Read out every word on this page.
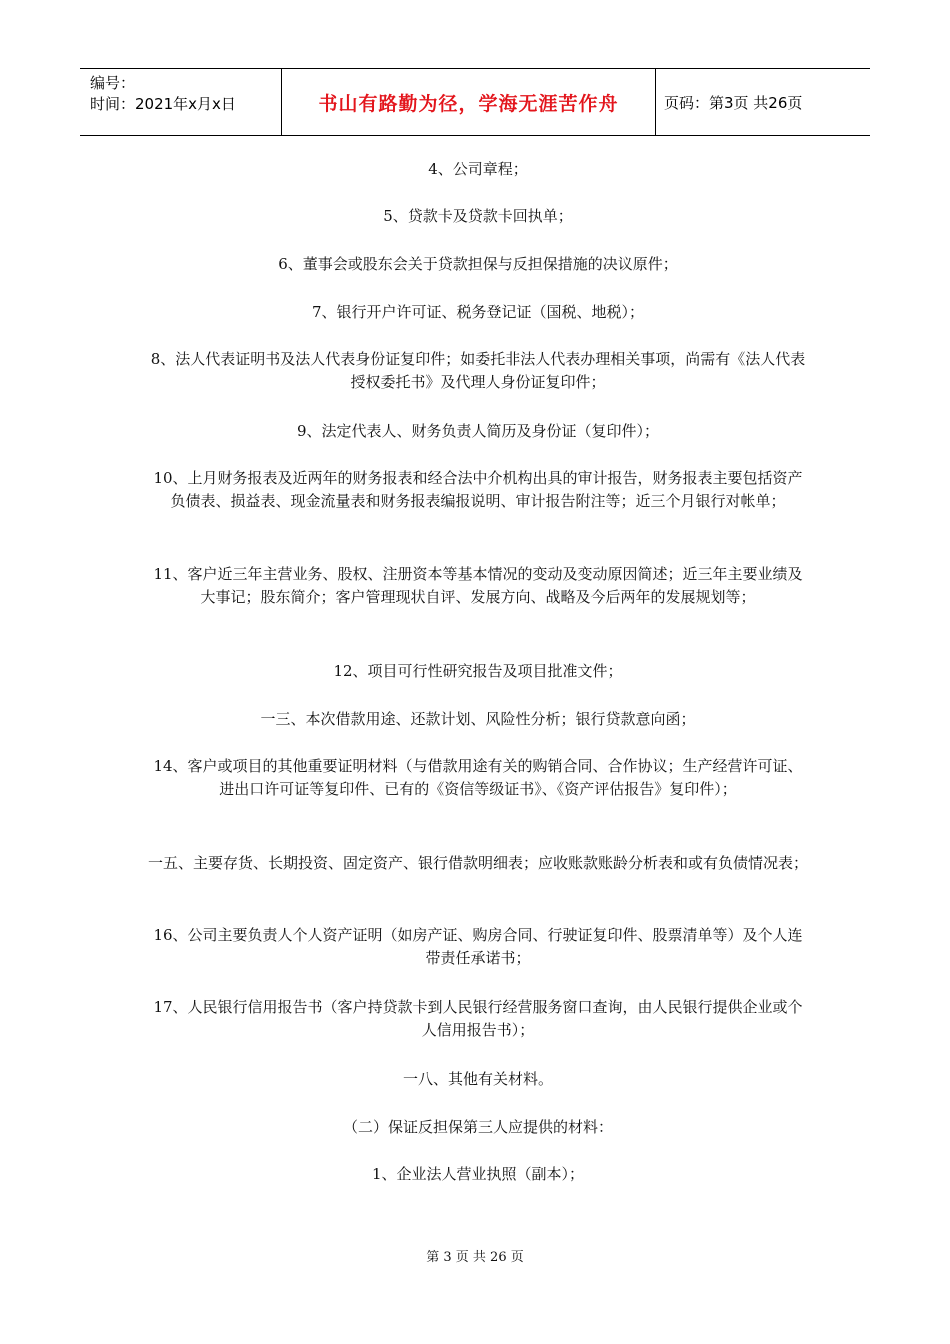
编号：
时间：2021年x月x日	书山有路勤为径，学海无涯苦作舟	页码：第3页 共26页

4、公司章程；

5、贷款卡及贷款卡回执单；

6、董事会或股东会关于贷款担保与反担保措施的决议原件；

7、银行开户许可证、税务登记证（国税、地税）；

8、法人代表证明书及法人代表身份证复印件；如委托非法人代表办理相关事项，尚需有《法人代表授权委托书》及代理人身份证复印件；

9、法定代表人、财务负责人简历及身份证（复印件）；

10、上月财务报表及近两年的财务报表和经合法中介机构出具的审计报告，财务报表主要包括资产负债表、损益表、现金流量表和财务报表编报说明、审计报告附注等；近三个月银行对帐单；

11、客户近三年主营业务、股权、注册资本等基本情况的变动及变动原因简述；近三年主要业绩及大事记；股东简介；客户管理现状自评、发展方向、战略及今后两年的发展规划等；

12、项目可行性研究报告及项目批准文件；

一三、本次借款用途、还款计划、风险性分析；银行贷款意向函；

14、客户或项目的其他重要证明材料（与借款用途有关的购销合同、合作协议；生产经营许可证、进出口许可证等复印件、已有的《资信等级证书》、《资产评估报告》复印件）；

一五、主要存货、长期投资、固定资产、银行借款明细表；应收账款账龄分析表和或有负债情况表；

16、公司主要负责人个人资产证明（如房产证、购房合同、行驶证复印件、股票清单等）及个人连带责任承诺书；

17、人民银行信用报告书（客户持贷款卡到人民银行经营服务窗口查询，由人民银行提供企业或个人信用报告书）；

一八、其他有关材料。

（二）保证反担保第三人应提供的材料：

1、企业法人营业执照（副本）；

第 3 页 共 26 页
